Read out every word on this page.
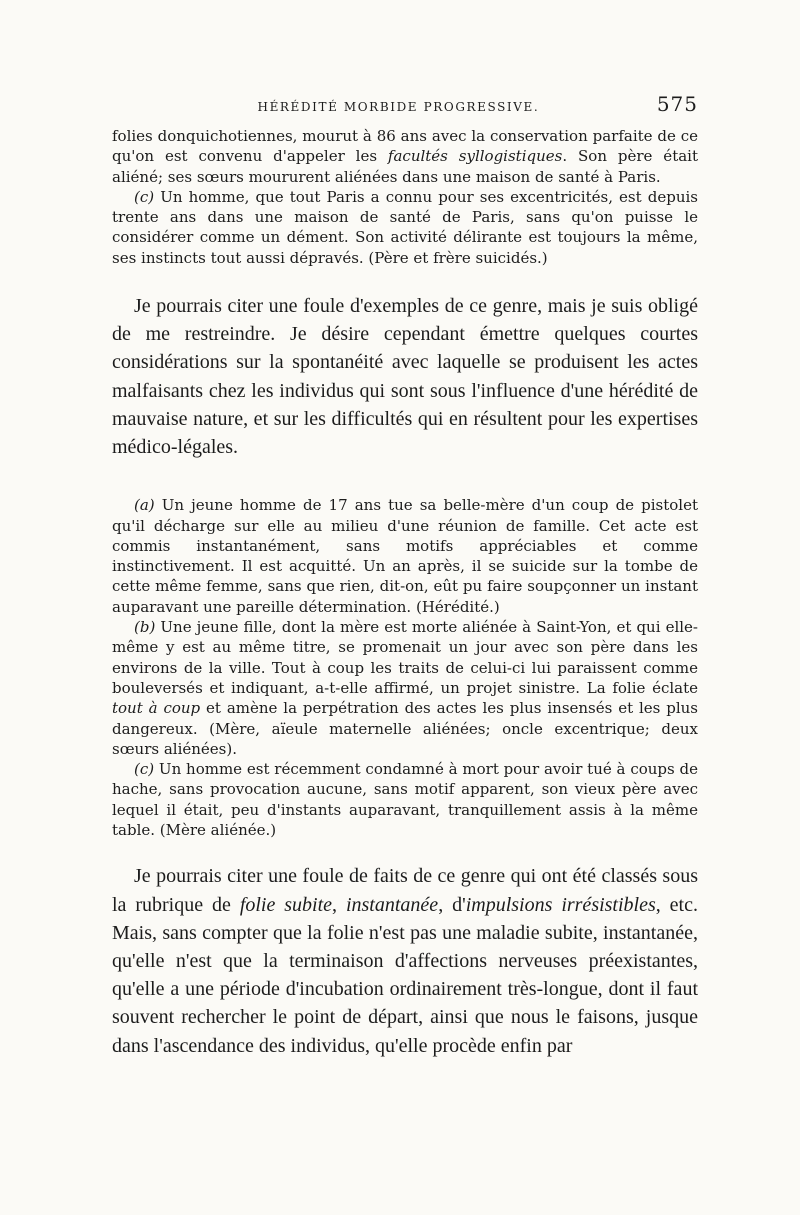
HÉRÉDITÉ MORBIDE PROGRESSIVE.	575

folies donquichotiennes, mourut à 86 ans avec la conservation parfaite de ce qu'on est convenu d'appeler les facultés syllogistiques. Son père était aliéné; ses sœurs moururent aliénées dans une maison de santé à Paris.

(c) Un homme, que tout Paris a connu pour ses excentricités, est depuis trente ans dans une maison de santé de Paris, sans qu'on puisse le considérer comme un dément. Son activité délirante est toujours la même, ses instincts tout aussi dépravés. (Père et frère suicidés.)

Je pourrais citer une foule d'exemples de ce genre, mais je suis obligé de me restreindre. Je désire cependant émettre quelques courtes considérations sur la spontanéité avec laquelle se produisent les actes malfaisants chez les individus qui sont sous l'influence d'une hérédité de mauvaise nature, et sur les difficultés qui en résultent pour les expertises médico-légales.

(a) Un jeune homme de 17 ans tue sa belle-mère d'un coup de pistolet qu'il décharge sur elle au milieu d'une réunion de famille. Cet acte est commis instantanément, sans motifs appréciables et comme instinctivement. Il est acquitté. Un an après, il se suicide sur la tombe de cette même femme, sans que rien, dit-on, eût pu faire soupçonner un instant auparavant une pareille détermination. (Hérédité.)

(b) Une jeune fille, dont la mère est morte aliénée à Saint-Yon, et qui elle-même y est au même titre, se promenait un jour avec son père dans les environs de la ville. Tout à coup les traits de celui-ci lui paraissent comme bouleversés et indiquant, a-t-elle affirmé, un projet sinistre. La folie éclate tout à coup et amène la perpétration des actes les plus insensés et les plus dangereux. (Mère, aïeule maternelle aliénées; oncle excentrique; deux sœurs aliénées).

(c) Un homme est récemment condamné à mort pour avoir tué à coups de hache, sans provocation aucune, sans motif apparent, son vieux père avec lequel il était, peu d'instants auparavant, tranquillement assis à la même table. (Mère aliénée.)

Je pourrais citer une foule de faits de ce genre qui ont été classés sous la rubrique de folie subite, instantanée, d'impulsions irrésistibles, etc. Mais, sans compter que la folie n'est pas une maladie subite, instantanée, qu'elle n'est que la terminaison d'affections nerveuses préexistantes, qu'elle a une période d'incubation ordinairement très-longue, dont il faut souvent rechercher le point de départ, ainsi que nous le faisons, jusque dans l'ascendance des individus, qu'elle procède enfin par
